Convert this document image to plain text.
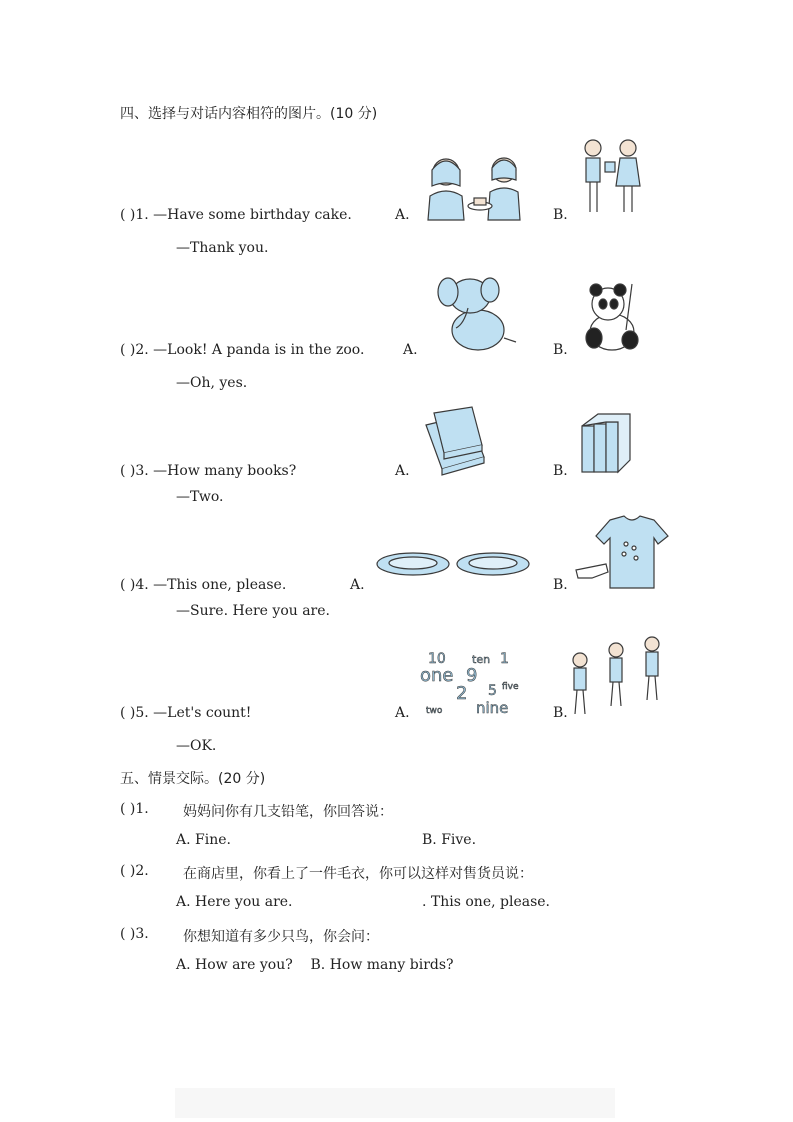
四、选择与对话内容相符的图片。(10 分)
( )1. —Have some birthday cake.
—Thank you.
A.	B.
( )2. —Look! A panda is in the zoo.
—Oh, yes.
A.	B.
( )3. —How many books?
—Two.
A.	B.
( )4. —This one, please.
—Sure. Here you are.
A.	B.
( )5. —Let's count!
—OK.
A.	B.
10 ten 1
one 9
five
2 5
two nine
五、情景交际。(20 分)
( )1. 妈妈问你有几支铅笔，你回答说：
A. Fine.	B. Five.
( )2. 在商店里，你看上了一件毛衣，你可以这样对售货员说：
A. Here you are.	. This one, please.
( )3. 你想知道有多少只鸟，你会问：
A. How are you?    B. How many birds?
